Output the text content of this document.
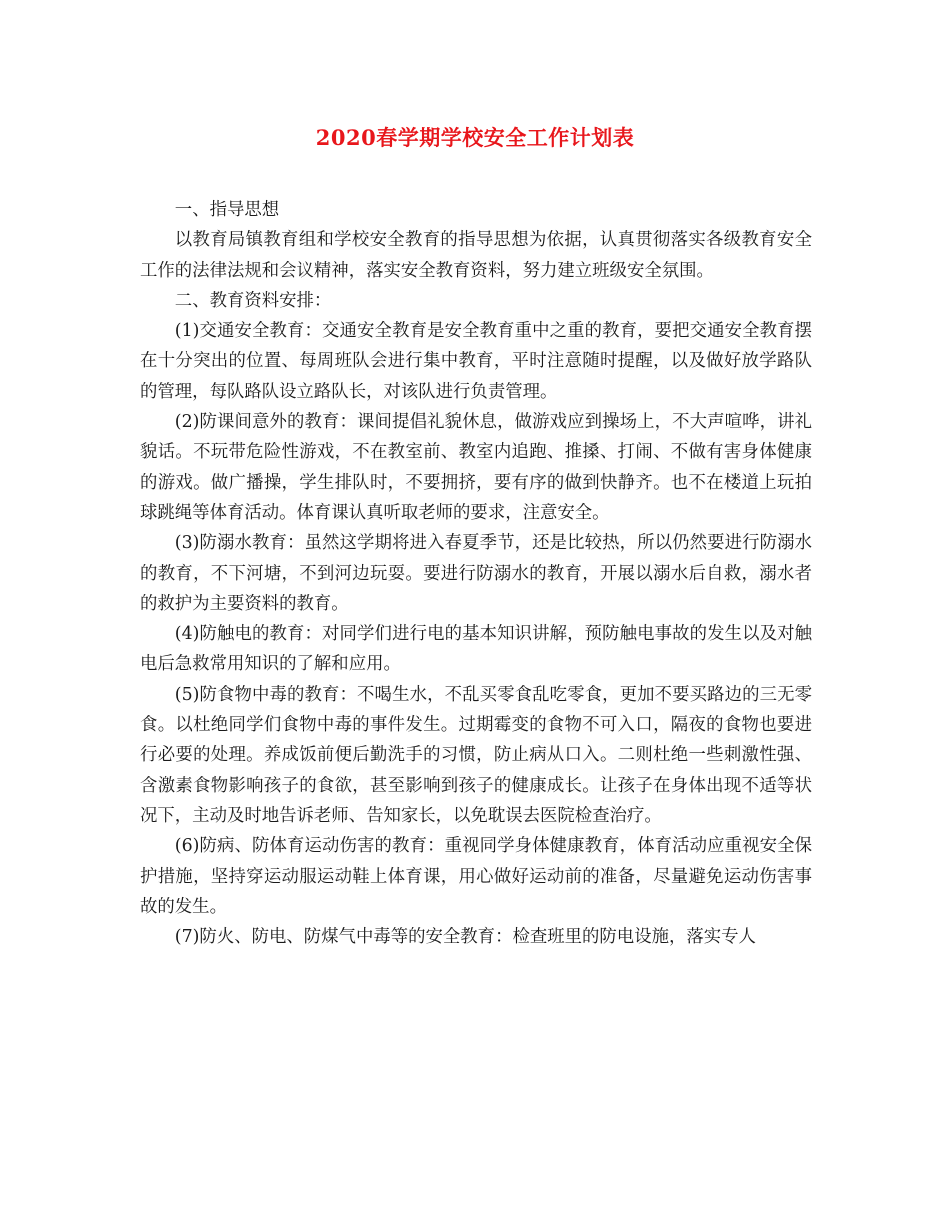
2020春学期学校安全工作计划表

一、指导思想

以教育局镇教育组和学校安全教育的指导思想为依据，认真贯彻落实各级教育安全工作的法律法规和会议精神，落实安全教育资料，努力建立班级安全氛围。

二、教育资料安排：

(1)交通安全教育：交通安全教育是安全教育重中之重的教育，要把交通安全教育摆在十分突出的位置、每周班队会进行集中教育，平时注意随时提醒，以及做好放学路队的管理，每队路队设立路队长，对该队进行负责管理。

(2)防课间意外的教育：课间提倡礼貌休息，做游戏应到操场上，不大声喧哗，讲礼貌话。不玩带危险性游戏，不在教室前、教室内追跑、推搡、打闹、不做有害身体健康的游戏。做广播操，学生排队时，不要拥挤，要有序的做到快静齐。也不在楼道上玩拍球跳绳等体育活动。体育课认真听取老师的要求，注意安全。

(3)防溺水教育：虽然这学期将进入春夏季节，还是比较热，所以仍然要进行防溺水的教育，不下河塘，不到河边玩耍。要进行防溺水的教育，开展以溺水后自救，溺水者的救护为主要资料的教育。

(4)防触电的教育：对同学们进行电的基本知识讲解，预防触电事故的发生以及对触电后急救常用知识的了解和应用。

(5)防食物中毒的教育：不喝生水，不乱买零食乱吃零食，更加不要买路边的三无零食。以杜绝同学们食物中毒的事件发生。过期霉变的食物不可入口，隔夜的食物也要进行必要的处理。养成饭前便后勤洗手的习惯，防止病从口入。二则杜绝一些刺激性强、含激素食物影响孩子的食欲，甚至影响到孩子的健康成长。让孩子在身体出现不适等状况下，主动及时地告诉老师、告知家长，以免耽误去医院检查治疗。

(6)防病、防体育运动伤害的教育：重视同学身体健康教育，体育活动应重视安全保护措施，坚持穿运动服运动鞋上体育课，用心做好运动前的准备，尽量避免运动伤害事故的发生。

(7)防火、防电、防煤气中毒等的安全教育：检查班里的防电设施，落实专人
